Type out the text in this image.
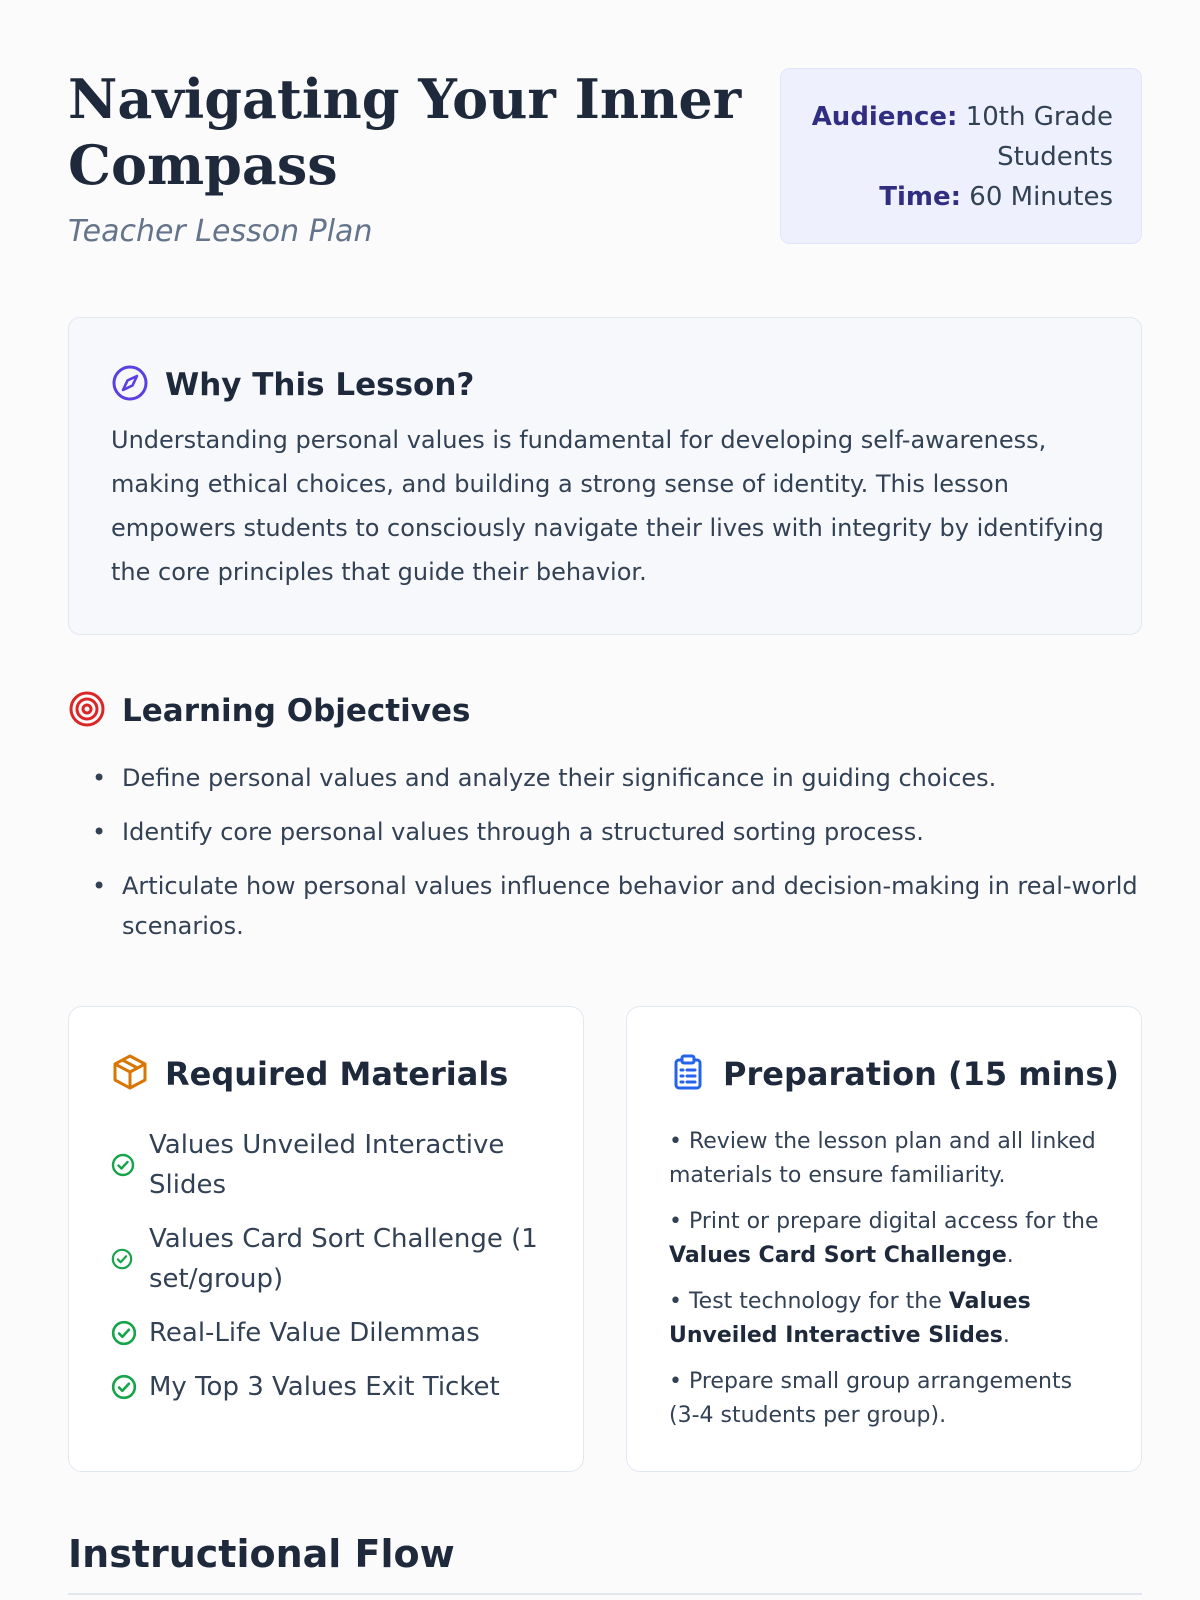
Navigating Your Inner Compass
Teacher Lesson Plan
Audience: 10th Grade Students
Time: 60 Minutes
Why This Lesson?

Understanding personal values is fundamental for developing self-awareness, making ethical choices, and building a strong sense of identity. This lesson empowers students to consciously navigate their lives with integrity by identifying the core principles that guide their behavior.

Learning Objectives
• Define personal values and analyze their significance in guiding choices.
• Identify core personal values through a structured sorting process.
• Articulate how personal values influence behavior and decision-making in real-world scenarios.
Required Materials
Values Unveiled Interactive Slides
Values Card Sort Challenge (1 set/group)
Real-Life Value Dilemmas
My Top 3 Values Exit Ticket
Preparation (15 mins)
• Review the lesson plan and all linked materials to ensure familiarity.
• Print or prepare digital access for the Values Card Sort Challenge.
• Test technology for the Values Unveiled Interactive Slides.
• Prepare small group arrangements (3-4 students per group).
Instructional Flow
